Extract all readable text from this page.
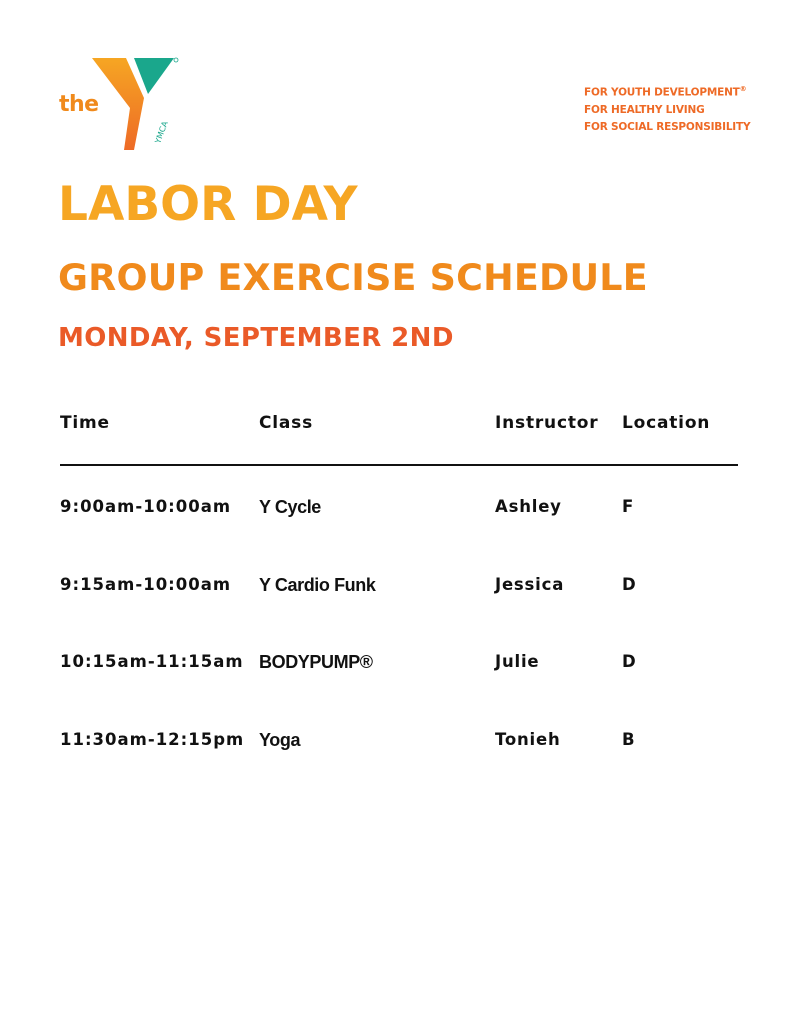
the
YMCA
FOR YOUTH DEVELOPMENT®
FOR HEALTHY LIVING
FOR SOCIAL RESPONSIBILITY
LABOR DAY
GROUP EXERCISE SCHEDULE
MONDAY, SEPTEMBER 2ND
Time	Class	Instructor Location
9:00am-10:00am Y Cycle	Ashley	F
9:15am-10:00am Y Cardio Funk	Jessica	D
10:15am-11:15am BODYPUMP®	Julie	D
11:30am-12:15pm Yoga	Tonieh	B
